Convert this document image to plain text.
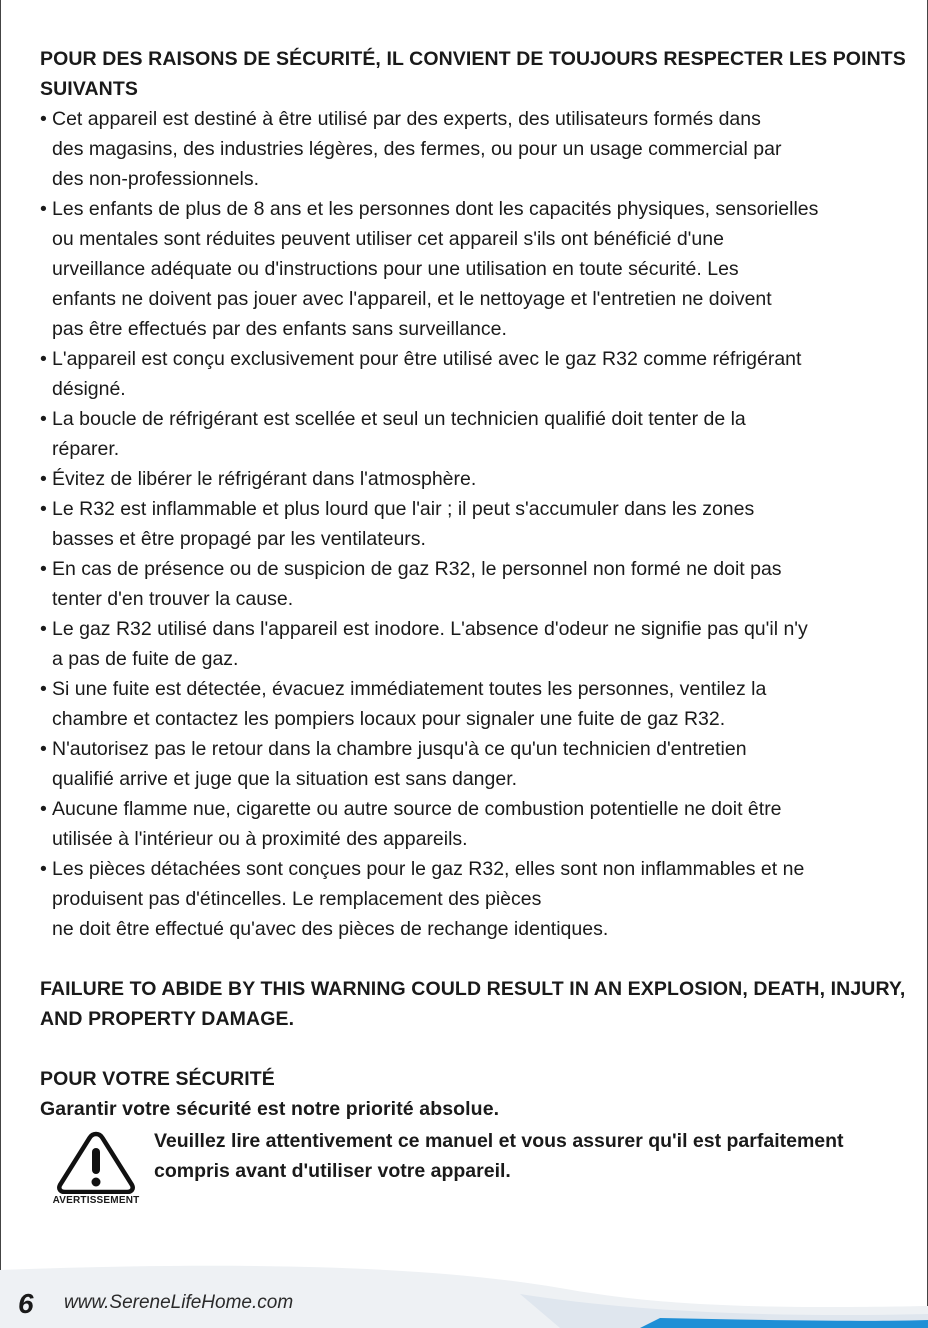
POUR DES RAISONS DE SÉCURITÉ, IL CONVIENT DE TOUJOURS RESPECTER LES POINTS SUIVANTS

• Cet appareil est destiné à être utilisé par des experts, des utilisateurs formés dans
des magasins, des industries légères, des fermes, ou pour un usage commercial par
des non-professionnels.
• Les enfants de plus de 8 ans et les personnes dont les capacités physiques, sensorielles
ou mentales sont réduites peuvent utiliser cet appareil s'ils ont bénéficié d'une
urveillance adéquate ou d'instructions pour une utilisation en toute sécurité. Les
enfants ne doivent pas jouer avec l'appareil, et le nettoyage et l'entretien ne doivent
pas être effectués par des enfants sans surveillance.
• L'appareil est conçu exclusivement pour être utilisé avec le gaz R32 comme réfrigérant
désigné.
• La boucle de réfrigérant est scellée et seul un technicien qualifié doit tenter de la
réparer.
• Évitez de libérer le réfrigérant dans l'atmosphère.
• Le R32 est inflammable et plus lourd que l'air ; il peut s'accumuler dans les zones
basses et être propagé par les ventilateurs.
• En cas de présence ou de suspicion de gaz R32, le personnel non formé ne doit pas
tenter d'en trouver la cause.
• Le gaz R32 utilisé dans l'appareil est inodore. L'absence d'odeur ne signifie pas qu'il n'y
a pas de fuite de gaz.
• Si une fuite est détectée, évacuez immédiatement toutes les personnes, ventilez la
chambre et contactez les pompiers locaux pour signaler une fuite de gaz R32.
• N'autorisez pas le retour dans la chambre jusqu'à ce qu'un technicien d'entretien
qualifié arrive et juge que la situation est sans danger.
• Aucune flamme nue, cigarette ou autre source de combustion potentielle ne doit être
utilisée à l'intérieur ou à proximité des appareils.
• Les pièces détachées sont conçues pour le gaz R32, elles sont non inflammables et ne
produisent pas d'étincelles. Le remplacement des pièces
ne doit être effectué qu'avec des pièces de rechange identiques.

FAILURE TO ABIDE BY THIS WARNING COULD RESULT IN AN EXPLOSION, DEATH, INJURY, AND PROPERTY DAMAGE.

POUR VOTRE SÉCURITÉ

Garantir votre sécurité est notre priorité absolue.

AVERTISSEMENT
Veuillez lire attentivement ce manuel et vous assurer qu'il est parfaitement compris avant d'utiliser votre appareil.
6 www.SereneLifeHome.com
